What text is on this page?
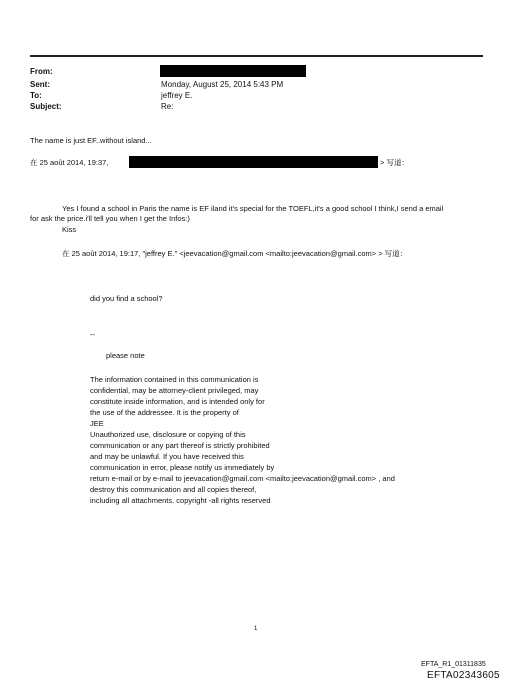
From:
Sent:	Monday, August 25, 2014 5:43 PM
To:	jeffrey E.
Subject:	Re:
The name is just EF..without island...
在 25 août 2014, 19:37,	> 写道：
Yes I found a school in Paris the name is EF iland it's special for the TOEFL,it's a good school I think,I send a email
for ask the price.i'll tell you when I get the Infos:)
Kiss
在 25 août 2014, 19:17, "jeffrey E." <jeevacation@gmail.com <mailto:jeevacation@gmail.com> > 写道：
did you find a school?
--
please note
The information contained in this communication is
confidential, may be attorney-client privileged, may
constitute inside information, and is intended only for
the use of the addressee. It is the property of
JEE
Unauthorized use, disclosure or copying of this
communication or any part thereof is strictly prohibited
and may be unlawful. If you have received this
communication in error, please notify us immediately by
return e-mail or by e-mail to jeevacation@gmail.com <mailto:jeevacation@gmail.com> , and
destroy this communication and all copies thereof,
including all attachments. copyright -all rights reserved
1
EFTA_R1_01311835
EFTA02343605
